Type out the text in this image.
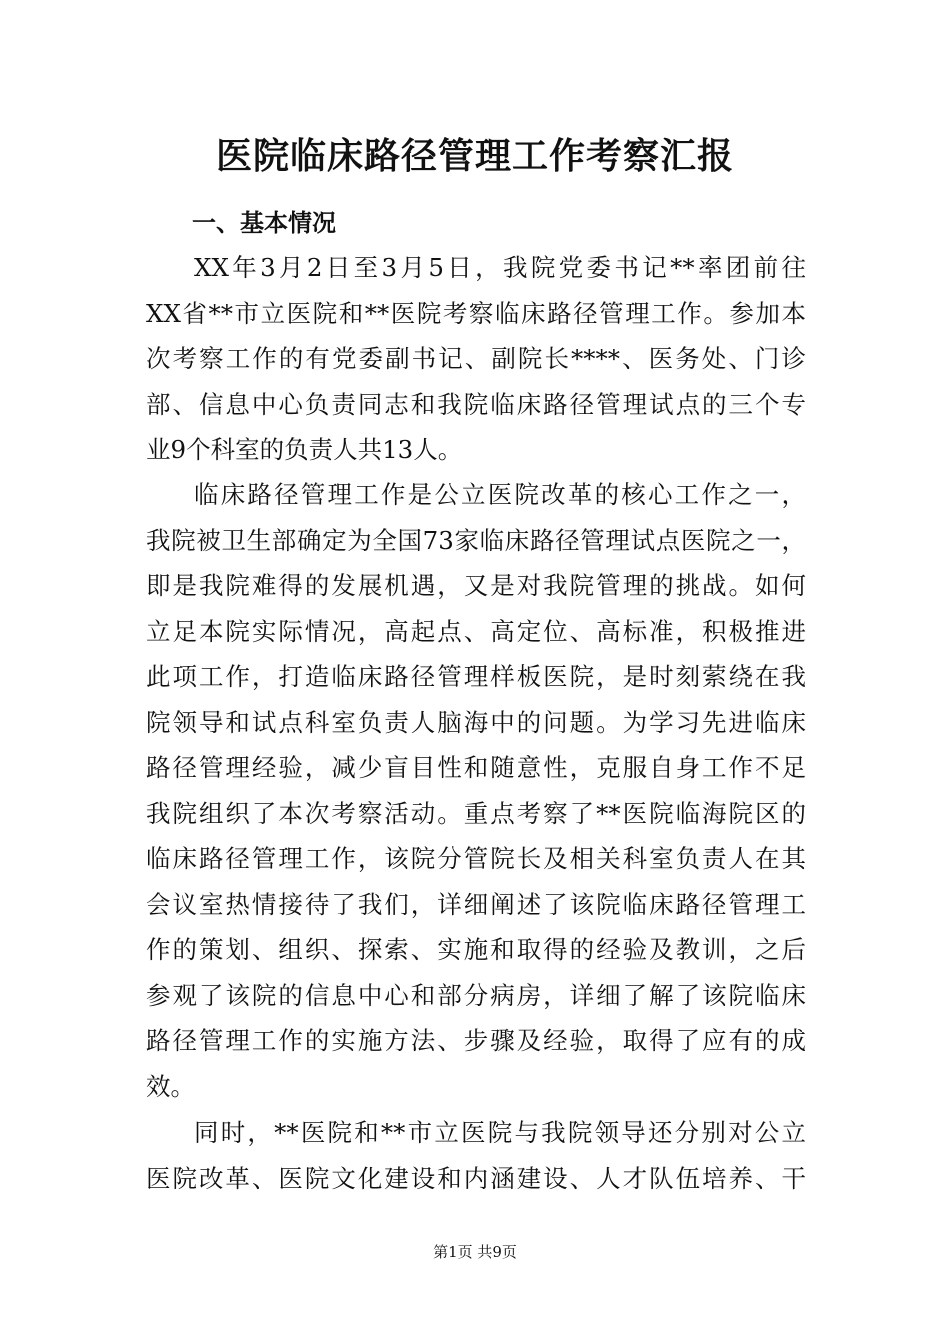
医院临床路径管理工作考察汇报
一、基本情况
XX年3月2日至3月5日，我院党委书记**率团前往
XX省**市立医院和**医院考察临床路径管理工作。参加本
次考察工作的有党委副书记、副院长****、医务处、门诊
部、信息中心负责同志和我院临床路径管理试点的三个专
业9个科室的负责人共13人。
临床路径管理工作是公立医院改革的核心工作之一，
我院被卫生部确定为全国73家临床路径管理试点医院之一，
即是我院难得的发展机遇，又是对我院管理的挑战。如何
立足本院实际情况，高起点、高定位、高标准，积极推进
此项工作，打造临床路径管理样板医院，是时刻萦绕在我
院领导和试点科室负责人脑海中的问题。为学习先进临床
路径管理经验，减少盲目性和随意性，克服自身工作不足
我院组织了本次考察活动。重点考察了**医院临海院区的
临床路径管理工作，该院分管院长及相关科室负责人在其
会议室热情接待了我们，详细阐述了该院临床路径管理工
作的策划、组织、探索、实施和取得的经验及教训，之后
参观了该院的信息中心和部分病房，详细了解了该院临床
路径管理工作的实施方法、步骤及经验，取得了应有的成
效。
同时，**医院和**市立医院与我院领导还分别对公立
医院改革、医院文化建设和内涵建设、人才队伍培养、干
第1页 共9页
